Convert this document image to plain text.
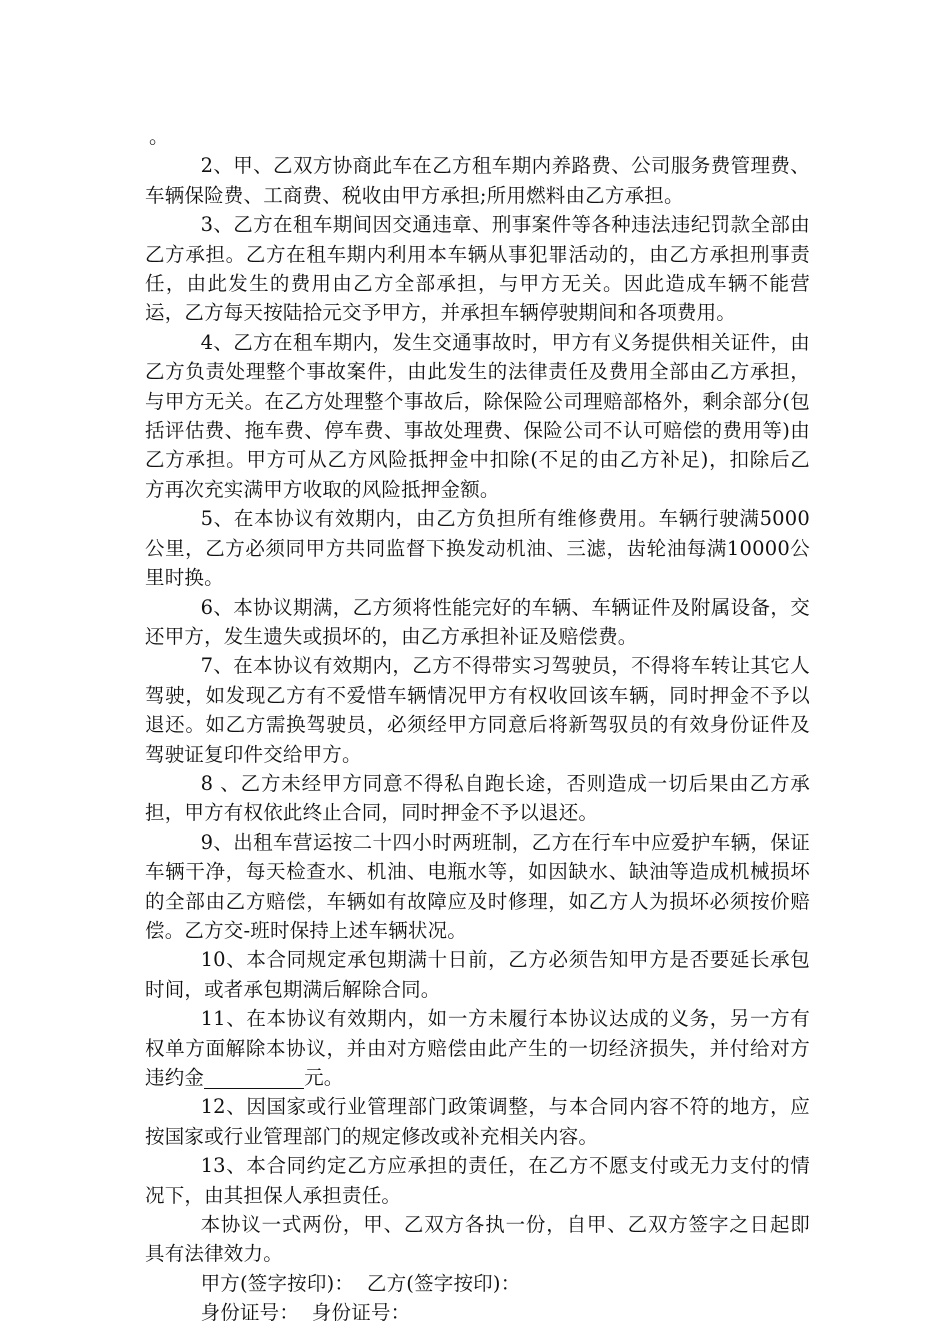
。

2、甲、乙双方协商此车在乙方租车期内养路费、公司服务费管理费、车辆保险费、工商费、税收由甲方承担;所用燃料由乙方承担。

3、乙方在租车期间因交通违章、刑事案件等各种违法违纪罚款全部由乙方承担。乙方在租车期内利用本车辆从事犯罪活动的，由乙方承担刑事责任，由此发生的费用由乙方全部承担，与甲方无关。因此造成车辆不能营运，乙方每天按陆拾元交予甲方，并承担车辆停驶期间和各项费用。

4、乙方在租车期内，发生交通事故时，甲方有义务提供相关证件，由乙方负责处理整个事故案件，由此发生的法律责任及费用全部由乙方承担，与甲方无关。在乙方处理整个事故后，除保险公司理赔部格外，剩余部分(包括评估费、拖车费、停车费、事故处理费、保险公司不认可赔偿的费用等)由乙方承担。甲方可从乙方风险抵押金中扣除(不足的由乙方补足)，扣除后乙方再次充实满甲方收取的风险抵押金额。

5、在本协议有效期内，由乙方负担所有维修费用。车辆行驶满5000公里，乙方必须同甲方共同监督下换发动机油、三滤，齿轮油每满10000公里时换。

6、本协议期满，乙方须将性能完好的车辆、车辆证件及附属设备，交还甲方，发生遗失或损坏的，由乙方承担补证及赔偿费。

7、在本协议有效期内，乙方不得带实习驾驶员，不得将车转让其它人驾驶，如发现乙方有不爱惜车辆情况甲方有权收回该车辆，同时押金不予以退还。如乙方需换驾驶员，必须经甲方同意后将新驾驭员的有效身份证件及驾驶证复印件交给甲方。

8 、乙方未经甲方同意不得私自跑长途，否则造成一切后果由乙方承担，甲方有权依此终止合同，同时押金不予以退还。

9、出租车营运按二十四小时两班制，乙方在行车中应爱护车辆，保证车辆干净，每天检查水、机油、电瓶水等，如因缺水、缺油等造成机械损坏的全部由乙方赔偿，车辆如有故障应及时修理，如乙方人为损坏必须按价赔偿。乙方交-班时保持上述车辆状况。

10、本合同规定承包期满十日前，乙方必须告知甲方是否要延长承包时间，或者承包期满后解除合同。

11、在本协议有效期内，如一方未履行本协议达成的义务，另一方有权单方面解除本协议，并由对方赔偿由此产生的一切经济损失，并付给对方违约金	元。

12、因国家或行业管理部门政策调整，与本合同内容不符的地方，应按国家或行业管理部门的规定修改或补充相关内容。

13、本合同约定乙方应承担的责任，在乙方不愿支付或无力支付的情况下，由其担保人承担责任。

本协议一式两份，甲、乙双方各执一份，自甲、乙双方签字之日起即具有法律效力。

甲方(签字按印)：  乙方(签字按印)：

身份证号：  身份证号：
